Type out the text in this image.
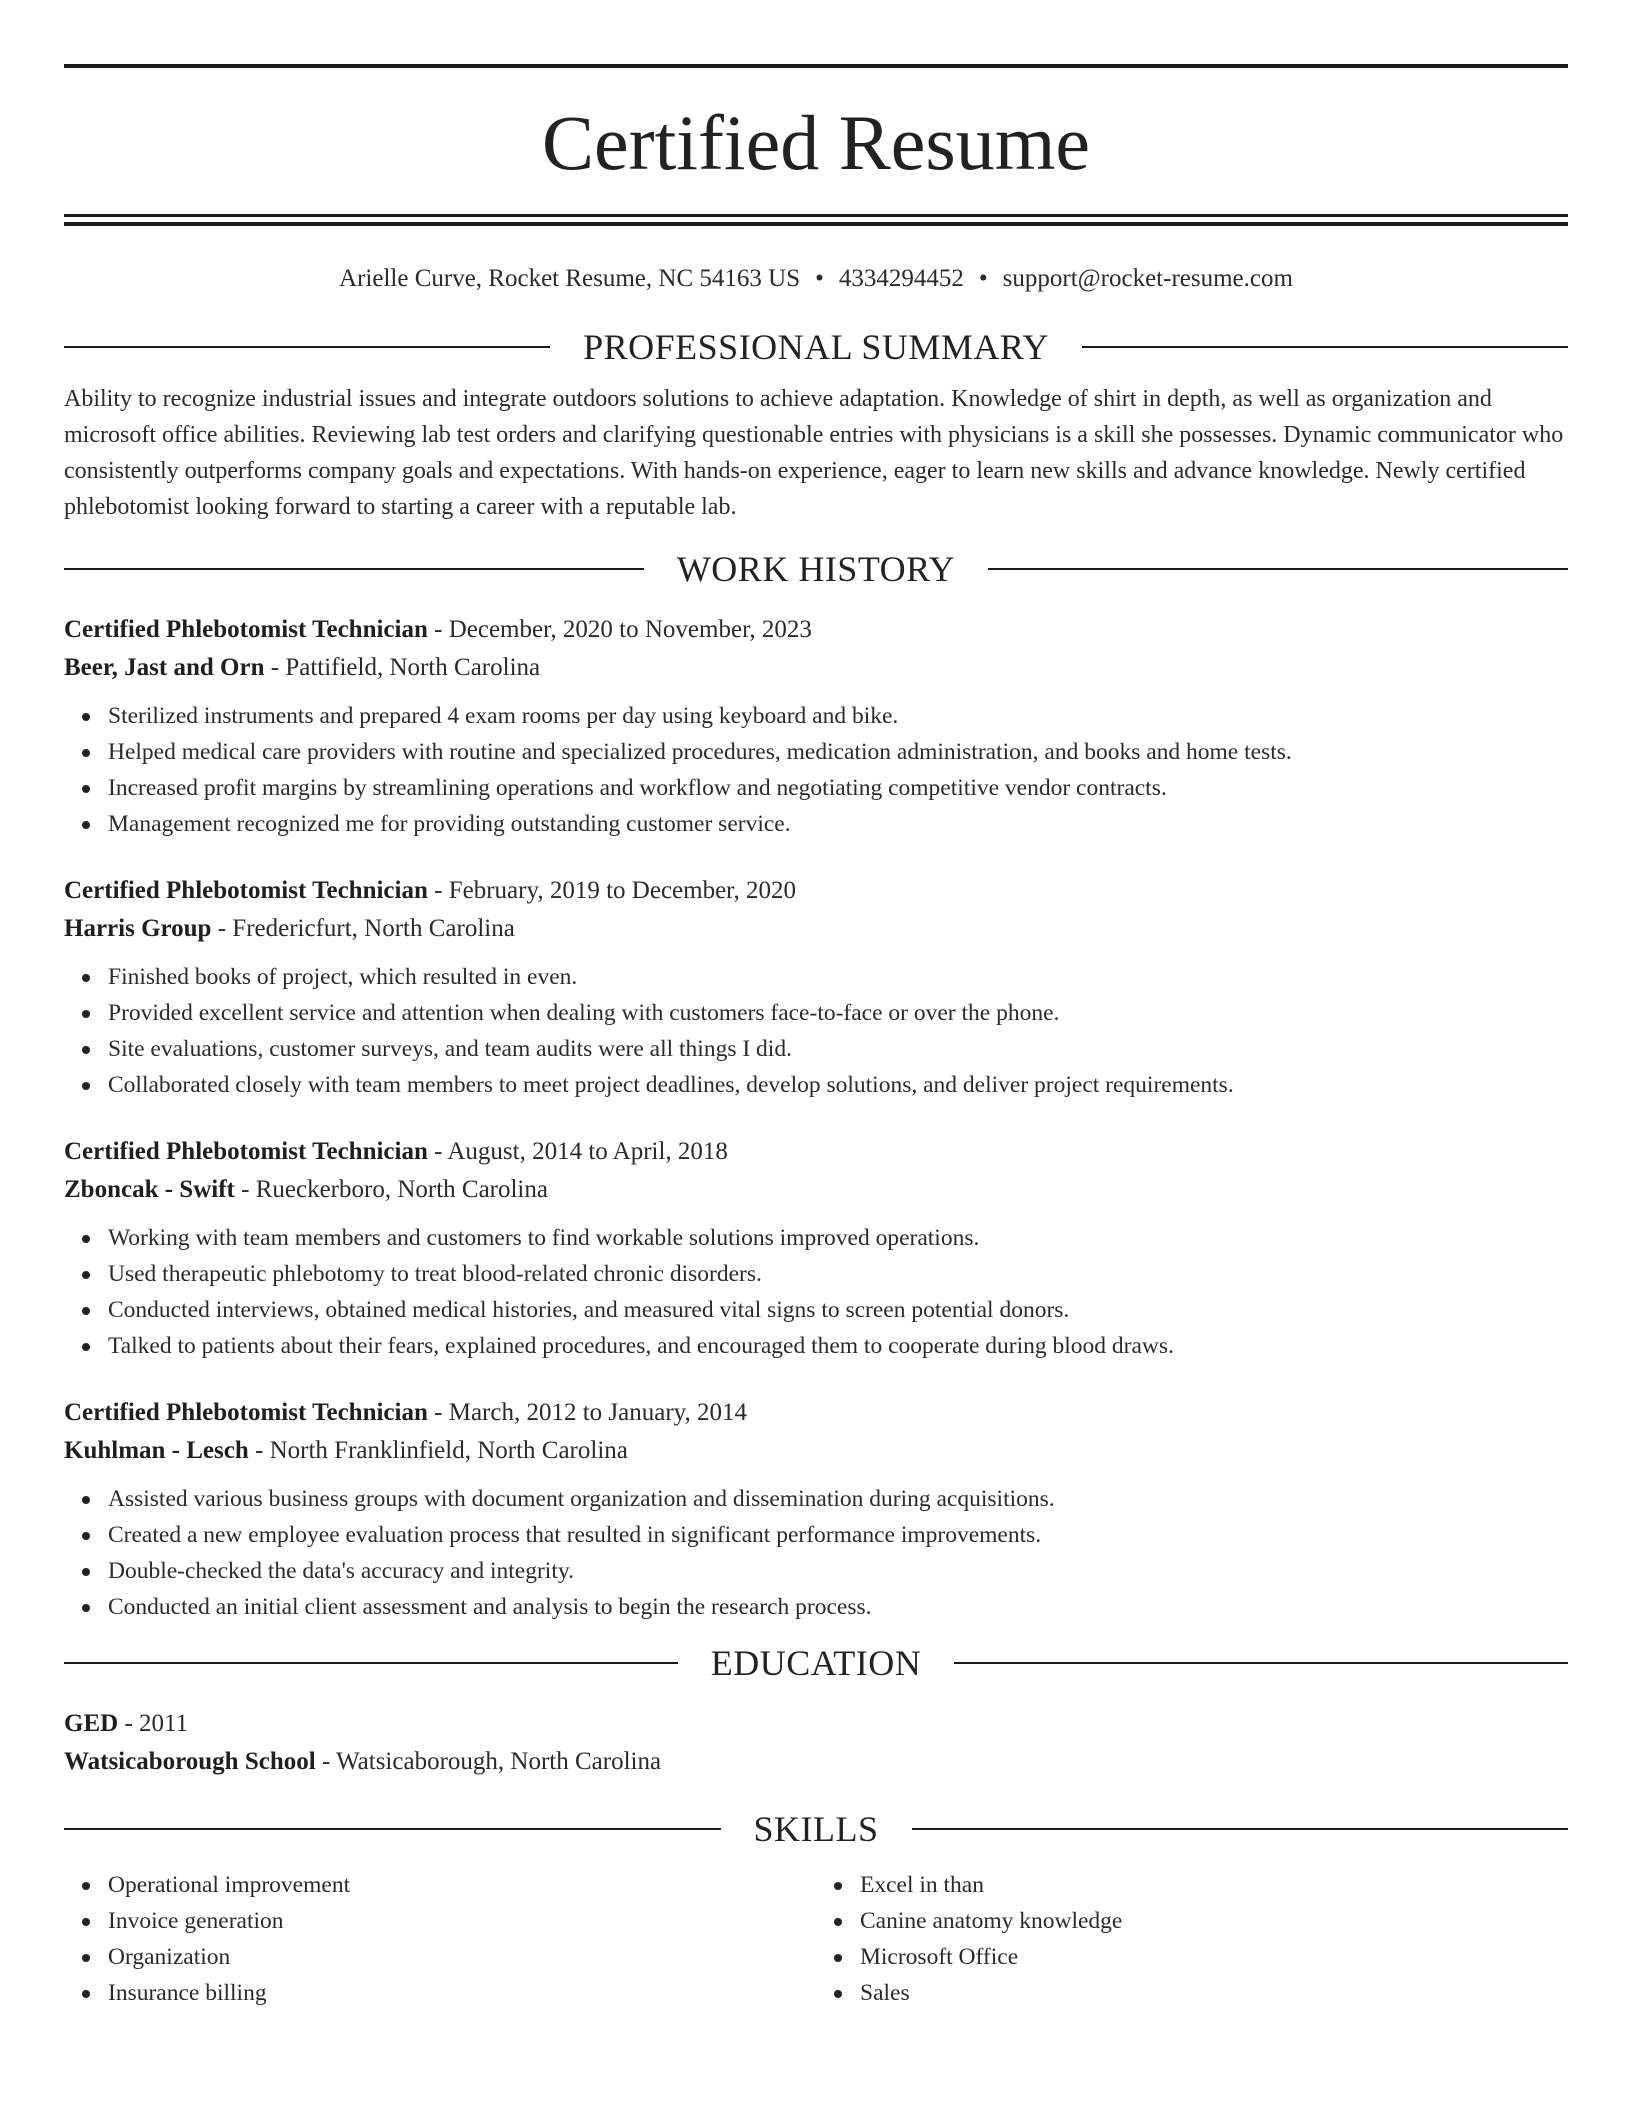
Certified Resume
Arielle Curve, Rocket Resume, NC 54163 US • 4334294452 • support@rocket-resume.com
PROFESSIONAL SUMMARY

Ability to recognize industrial issues and integrate outdoors solutions to achieve adaptation. Knowledge of shirt in depth, as well as organization and microsoft office abilities. Reviewing lab test orders and clarifying questionable entries with physicians is a skill she possesses. Dynamic communicator who consistently outperforms company goals and expectations. With hands-on experience, eager to learn new skills and advance knowledge. Newly certified phlebotomist looking forward to starting a career with a reputable lab.

WORK HISTORY
Certified Phlebotomist Technician - December, 2020 to November, 2023
Beer, Jast and Orn - Pattifield, North Carolina
Sterilized instruments and prepared 4 exam rooms per day using keyboard and bike.
Helped medical care providers with routine and specialized procedures, medication administration, and books and home tests.
Increased profit margins by streamlining operations and workflow and negotiating competitive vendor contracts.
Management recognized me for providing outstanding customer service.
Certified Phlebotomist Technician - February, 2019 to December, 2020
Harris Group - Fredericfurt, North Carolina
Finished books of project, which resulted in even.
Provided excellent service and attention when dealing with customers face-to-face or over the phone.
Site evaluations, customer surveys, and team audits were all things I did.
Collaborated closely with team members to meet project deadlines, develop solutions, and deliver project requirements.
Certified Phlebotomist Technician - August, 2014 to April, 2018
Zboncak - Swift - Rueckerboro, North Carolina
Working with team members and customers to find workable solutions improved operations.
Used therapeutic phlebotomy to treat blood-related chronic disorders.
Conducted interviews, obtained medical histories, and measured vital signs to screen potential donors.
Talked to patients about their fears, explained procedures, and encouraged them to cooperate during blood draws.
Certified Phlebotomist Technician - March, 2012 to January, 2014
Kuhlman - Lesch - North Franklinfield, North Carolina
Assisted various business groups with document organization and dissemination during acquisitions.
Created a new employee evaluation process that resulted in significant performance improvements.
Double-checked the data's accuracy and integrity.
Conducted an initial client assessment and analysis to begin the research process.
EDUCATION
GED - 2011
Watsicaborough School - Watsicaborough, North Carolina
SKILLS
Operational improvement
Invoice generation
Organization
Insurance billing
Excel in than
Canine anatomy knowledge
Microsoft Office
Sales
